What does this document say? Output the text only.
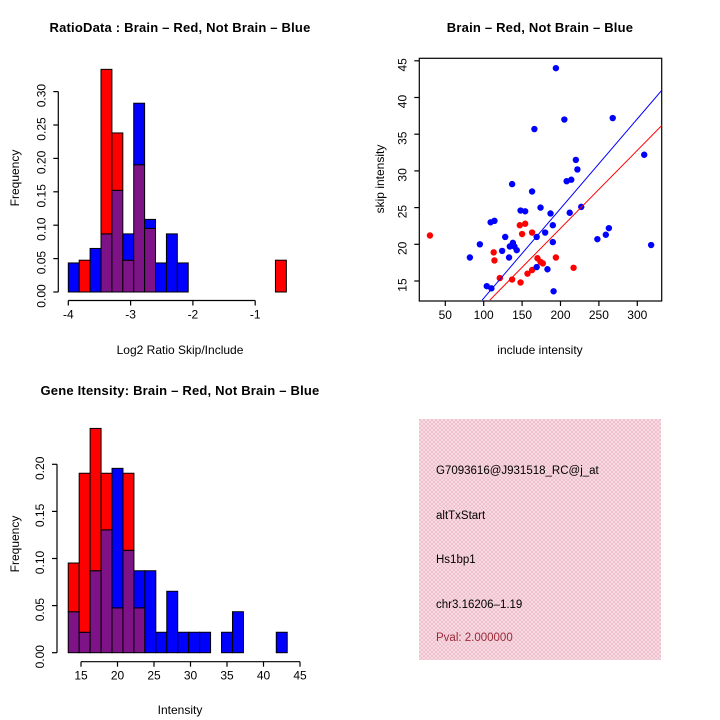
0.00
0.05
0.10
0.15
0.20
0.25
0.30
-4	-3	-2	-1
RatioData : Brain – Red, Not Brain – Blue
Log2 Ratio Skip/Include
Frequency
50 100 150 200 250 300
15
20
25
30
35
40
45
Brain – Red, Not Brain – Blue
include intensity
skip intensity
0.00
0.05
0.10
0.15
0.20
15 20 25 30 35 40 45
Gene Itensity: Brain – Red, Not Brain – Blue
Intensity
Frequency
G7093616@J931518_RC@j_at
altTxStart
Hs1bp1
chr3.16206–1.19
Pval: 2.000000
